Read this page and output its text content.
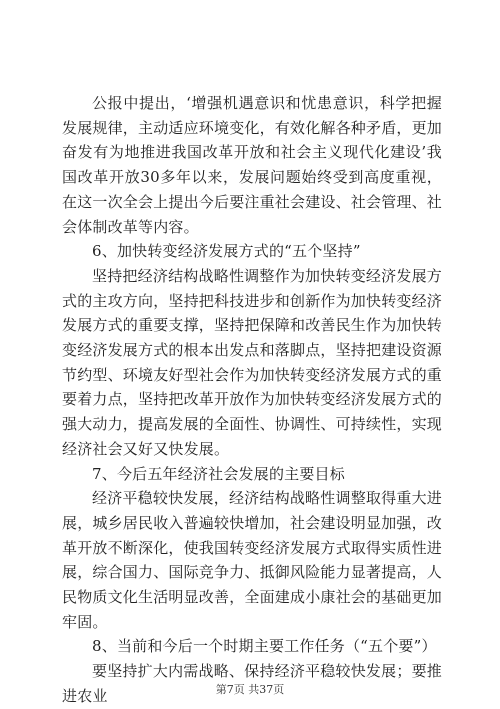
公报中提出，‘增强机遇意识和忧患意识，科学把握发展规律，主动适应环境变化，有效化解各种矛盾，更加奋发有为地推进我国改革开放和社会主义现代化建设’我国改革开放30多年以来，发展问题始终受到高度重视，在这一次全会上提出今后要注重社会建设、社会管理、社会体制改革等内容。

6、加快转变经济发展方式的“五个坚持”

坚持把经济结构战略性调整作为加快转变经济发展方式的主攻方向，坚持把科技进步和创新作为加快转变经济发展方式的重要支撑，坚持把保障和改善民生作为加快转变经济发展方式的根本出发点和落脚点，坚持把建设资源节约型、环境友好型社会作为加快转变经济发展方式的重要着力点，坚持把改革开放作为加快转变经济发展方式的强大动力，提高发展的全面性、协调性、可持续性，实现经济社会又好又快发展。

7、今后五年经济社会发展的主要目标

经济平稳较快发展，经济结构战略性调整取得重大进展，城乡居民收入普遍较快增加，社会建设明显加强，改革开放不断深化，使我国转变经济发展方式取得实质性进展，综合国力、国际竞争力、抵御风险能力显著提高，人民物质文化生活明显改善，全面建成小康社会的基础更加牢固。

8、当前和今后一个时期主要工作任务（“五个要”）

要坚持扩大内需战略、保持经济平稳较快发展；要推进农业	第7页 共37页
